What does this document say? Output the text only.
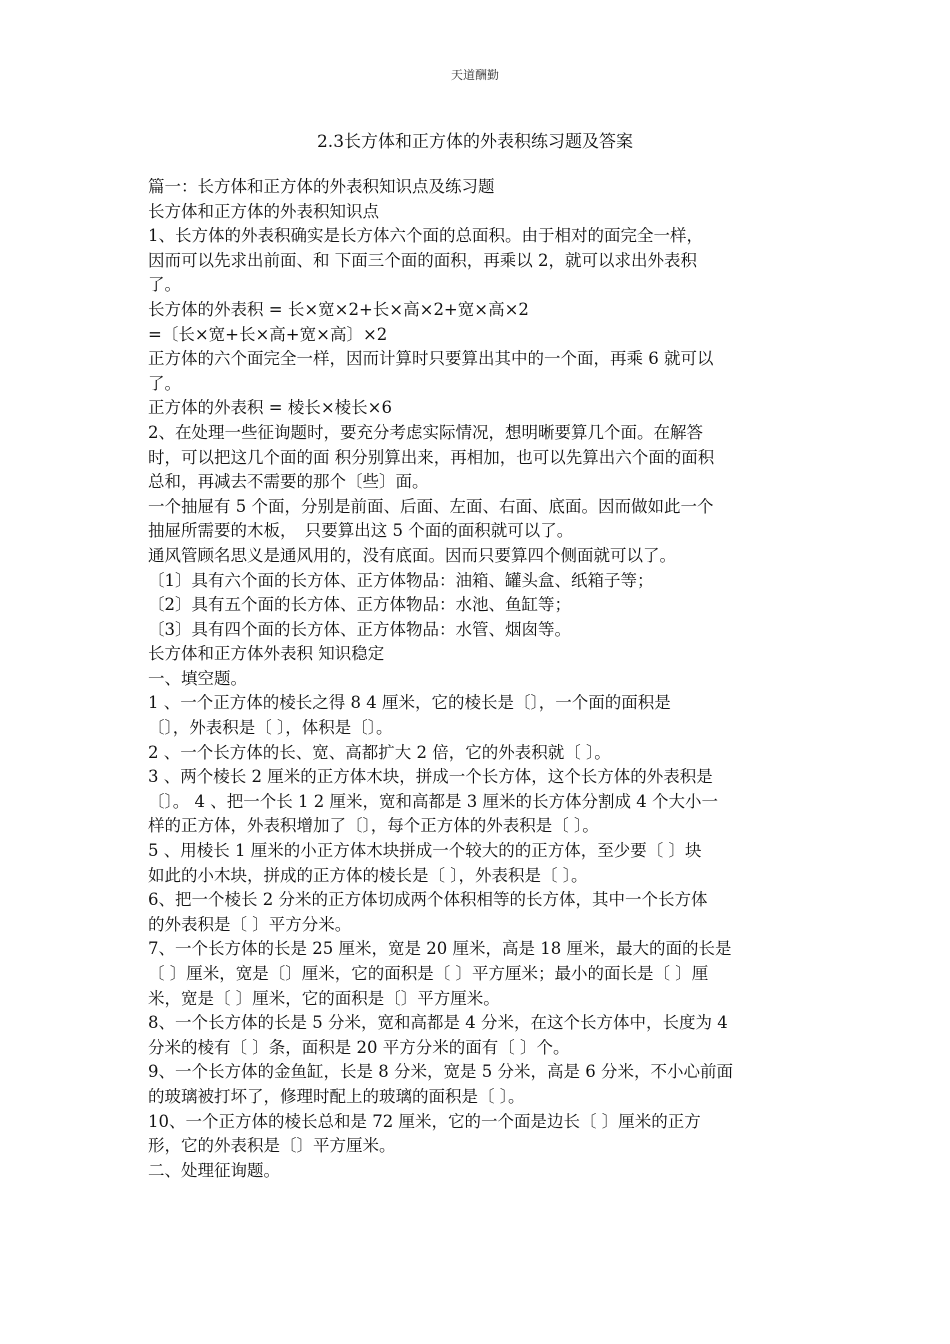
天道酬勤
2.3长方体和正方体的外表积练习题及答案

篇一：长方体和正方体的外表积知识点及练习题

长方体和正方体的外表积知识点

1、长方体的外表积确实是长方体六个面的总面积。由于相对的面完全一样，

因而可以先求出前面、和 下面三个面的面积，再乘以 2，就可以求出外表积

了。

长方体的外表积 = 长×宽×2+长×高×2+宽×高×2

=〔长×宽+长×高+宽×高〕×2

正方体的六个面完全一样，因而计算时只要算出其中的一个面，再乘 6 就可以

了。

正方体的外表积 = 棱长×棱长×6

2、在处理一些征询题时，要充分考虑实际情况，想明晰要算几个面。在解答

时，可以把这几个面的面 积分别算出来，再相加，也可以先算出六个面的面积

总和，再减去不需要的那个〔些〕面。

一个抽屉有 5 个面，分别是前面、后面、左面、右面、底面。因而做如此一个

抽屉所需要的木板，　只要算出这 5 个面的面积就可以了。

通风管顾名思义是通风用的，没有底面。因而只要算四个侧面就可以了。

〔1〕具有六个面的长方体、正方体物品：油箱、罐头盒、纸箱子等；

〔2〕具有五个面的长方体、正方体物品：水池、鱼缸等；

〔3〕具有四个面的长方体、正方体物品：水管、烟囱等。

长方体和正方体外表积 知识稳定

一、填空题。

1 、一个正方体的棱长之得 8 4 厘米，它的棱长是〔〕，一个面的面积是

〔〕，外表积是〔 〕，体积是〔〕。

2 、一个长方体的长、宽、高都扩大 2 倍，它的外表积就〔 〕。

3 、两个棱长 2 厘米的正方体木块，拼成一个长方体，这个长方体的外表积是

〔〕。 4 、把一个长 1 2 厘米，宽和高都是 3 厘米的长方体分割成 4 个大小一

样的正方体，外表积增加了〔〕，每个正方体的外表积是〔 〕。

5 、用棱长 1 厘米的小正方体木块拼成一个较大的的正方体，至少要〔 〕块

如此的小木块，拼成的正方体的棱长是〔 〕，外表积是〔 〕。

6、把一个棱长 2 分米的正方体切成两个体积相等的长方体，其中一个长方体

的外表积是〔 〕平方分米。

7、一个长方体的长是 25 厘米，宽是 20 厘米，高是 18 厘米，最大的面的长是

〔 〕厘米，宽是〔〕厘米，它的面积是〔 〕平方厘米；最小的面长是〔 〕厘

米，宽是〔 〕厘米，它的面积是〔〕平方厘米。

8、一个长方体的长是 5 分米，宽和高都是 4 分米，在这个长方体中，长度为 4

分米的棱有〔 〕条，面积是 20 平方分米的面有〔 〕个。

9、一个长方体的金鱼缸，长是 8 分米，宽是 5 分米，高是 6 分米，不小心前面

的玻璃被打坏了，修理时配上的玻璃的面积是〔 〕。

10、一个正方体的棱长总和是 72 厘米，它的一个面是边长〔 〕厘米的正方

形，它的外表积是〔〕平方厘米。

二、处理征询题。
